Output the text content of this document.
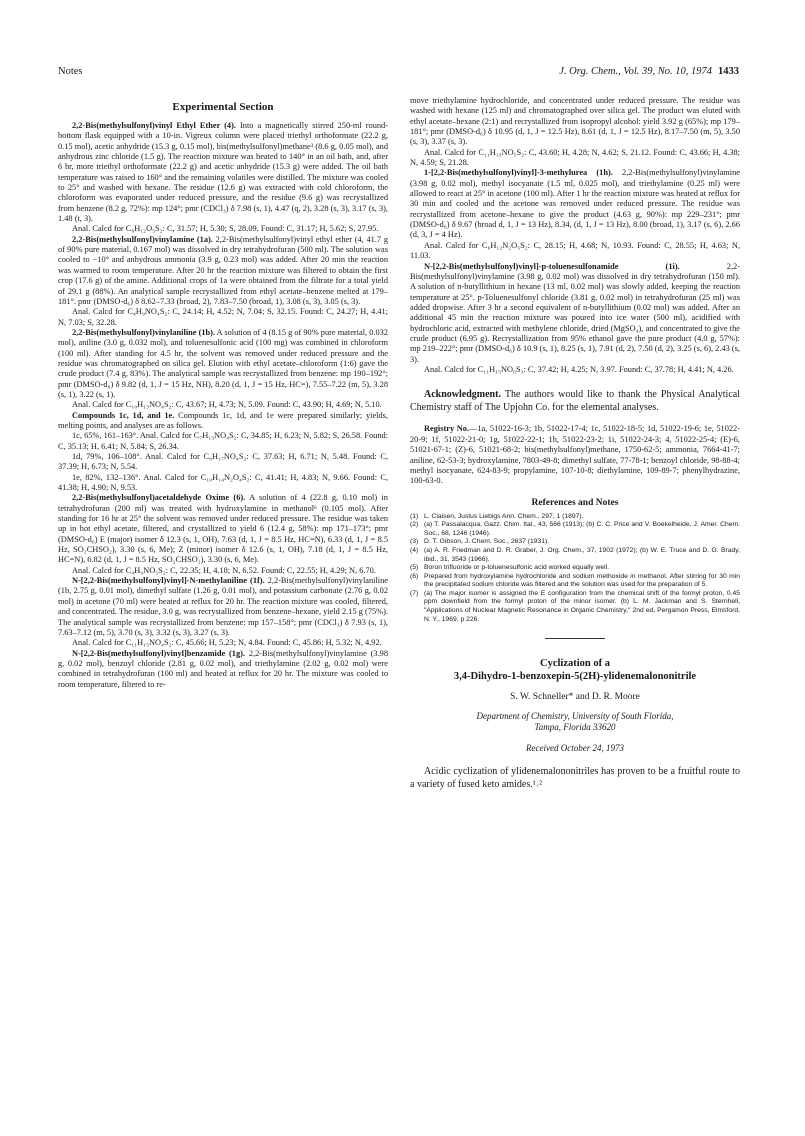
Notes	J. Org. Chem., Vol. 39, No. 10, 1974 1433
Experimental Section

2,2-Bis(methylsulfonyl)vinyl Ethyl Ether (4). Into a magnetically stirred 250-ml round-bottom flask equipped with a 10-in. Vigreux column were placed triethyl orthoformate (22.2 g, 0.15 mol), acetic anhydride (15.3 g, 0.15 mol), bis(methylsulfonyl)methane³ (8.6 g, 0.05 mol), and anhydrous zinc chloride (1.5 g). The reaction mixture was heated to 140° in an oil bath, and, after 6 hr, more triethyl orthoformate (22.2 g) and acetic anhydride (15.3 g) were added. The oil bath temperature was raised to 160° and the remaining volatiles were distilled. The mixture was cooled to 25° and washed with hexane. The residue (12.6 g) was extracted with cold chloroform, the chloroform was evaporated under reduced pressure, and the residue (9.6 g) was recrystallized from benzene (8.2 g, 72%): mp 124°; pmr (CDCl₃) δ 7.98 (s, 1), 4.47 (q, 2), 3.28 (s, 3), 3.17 (s, 3), 1.48 (t, 3).

Anal. Calcd for C₆H₁₂O₅S₂: C, 31.57; H, 5.30; S, 28.09. Found: C, 31.17; H, 5.62; S, 27.95.

2,2-Bis(methylsulfonyl)vinylamine (1a). 2,2-Bis(methylsulfonyl)vinyl ethyl ether (4, 41.7 g of 90% pure material, 0.167 mol) was dissolved in dry tetrahydrofuran (500 ml). The solution was cooled to −10° and anhydrous ammonia (3.9 g, 0.23 mol) was added. After 20 min the reaction was warmed to room temperature. After 20 hr the reaction mixture was filtered to obtain the first crop (17.6 g) of the amine. Additional crops of 1a were obtained from the filtrate for a total yield of 29.1 g (88%). An analytical sample recrystallized from ethyl acetate–benzene melted at 179–181°. pmr (DMSO-d₆) δ 8.62–7.33 (broad, 2), 7.83–7.50 (broad, 1), 3.08 (s, 3), 3.05 (s, 3).

Anal. Calcd for C₄H₉NO₄S₂: C, 24.14; H, 4.52; N, 7.04; S, 32.15. Found: C, 24.27; H, 4.41; N, 7.03; S, 32.28.

2,2-Bis(methylsulfonyl)vinylaniline (1b). A solution of 4 (8.15 g of 90% pure material, 0.032 mol), aniline (3.0 g, 0.032 mol), and toluenesulfonic acid (100 mg) was combined in chloroform (100 ml). After standing for 4.5 hr, the solvent was removed under reduced pressure and the residue was chromatographed on silica gel. Elution with ethyl acetate–chloroform (1:6) gave the crude product (7.4 g, 83%). The analytical sample was recrystallized from benzene: mp 190–192°; pmr (DMSO-d₆) δ 9.82 (d, 1, J = 15 Hz, NH), 8.20 (d, 1, J = 15 Hz, HC=), 7.55–7.22 (m, 5), 3.28 (s, 1), 3.22 (s, 1).

Anal. Calcd for C₁₀H₁₃NO₄S₂: C, 43.67; H, 4.73; N, 5.09. Found: C, 43.90; H, 4.69; N, 5.10.

Compounds 1c, 1d, and 1e. Compounds 1c, 1d, and 1e were prepared similarly; yields, melting points, and analyses are as follows.

1c, 65%, 161–163°. Anal. Calcd for C₇H₁₃NO₄S₂: C, 34.85; H, 6.23; N, 5.82; S, 26.58. Found: C, 35.13; H, 6.41; N, 5.84; S, 26.34.

1d, 79%, 106–108°. Anal. Calcd for C₈H₁₇NO₄S₂: C, 37.63; H, 6.71; N, 5.48. Found: C, 37.39; H, 6.73; N, 5.54.

1e, 82%, 132–136°. Anal. Calcd for C₁₀H₁₄N₂O₄S₂: C, 41.41; H, 4.83; N, 9.66. Found: C, 41.38; H, 4.90; N, 9.53.

2,2-Bis(methylsulfonyl)acetaldehyde Oxime (6). A solution of 4 (22.8 g, 0.10 mol) in tetrahydrofuran (200 ml) was treated with hydroxylamine in methanol⁶ (0.105 mol). After standing for 16 hr at 25° the solvent was removed under reduced pressure. The residue was taken up in hot ethyl acetate, filtered, and crystallized to yield 6 (12.4 g, 58%): mp 171–173°; pmr (DMSO-d₆) E (major) isomer δ 12.3 (s, 1, OH), 7.63 (d, 1, J = 8.5 Hz, HC=N), 6.33 (d, 1, J = 8.5 Hz, SO₂CHSO₂), 3.30 (s, 6, Me); Z (minor) isomer δ 12.6 (s, 1, OH), 7.18 (d, 1, J = 8.5 Hz, HC=N), 6.82 (d, 1, J = 8.5 Hz, SO₂CHSO₂), 3.30 (s, 6, Me).

Anal. Calcd for C₄H₉NO₅S₂: C, 22.35; H, 4.18; N, 6.52. Found: C, 22.55; H, 4.29; N, 6.70.

N-[2,2-Bis(methylsulfonyl)vinyl]-N-methylaniline (1f). 2,2-Bis(methylsulfonyl)vinylaniline (1b, 2.75 g, 0.01 mol), dimethyl sulfate (1.26 g, 0.01 mol), and potassium carbonate (2.76 g, 0.02 mol) in acetone (70 ml) were heated at reflux for 20 hr. The reaction mixture was cooled, filtered, and concentrated. The residue, 3.0 g, was recrystallized from benzene–hexane, yield 2.15 g (75%). The analytical sample was recrystallized from benzene: mp 157–158°; pmr (CDCl₃) δ 7.93 (s, 1), 7.63–7.12 (m, 5), 3.70 (s, 3), 3.32 (s, 3), 3.27 (s, 3).

Anal. Calcd for C₁₁H₁₅NO₄S₂: C, 45.66; H, 5.23; N, 4.84. Found: C, 45.86; H, 5.32; N, 4.92.

N-[2,2-Bis(methylsulfonyl)vinyl]benzamide (1g). 2,2-Bis(methylsulfonyl)vinylamine (3.98 g, 0.02 mol), benzoyl chloride (2.81 g, 0.02 mol), and triethylamine (2.02 g, 0.02 mol) were combined in tetrahydrofuran (100 ml) and heated at reflux for 20 hr. The mixture was cooled to room temperature, filtered to re-

move triethylamine hydrochloride, and concentrated under reduced pressure. The residue was washed with hexane (125 ml) and chromatographed over silica gel. The product was eluted with ethyl acetate–hexane (2:1) and recrystallized from isopropyl alcohol: yield 3.92 g (65%); mp 179–181°; pmr (DMSO-d₆) δ 10.95 (d, 1, J = 12.5 Hz), 8.61 (d, 1, J = 12.5 Hz), 8.17–7.50 (m, 5), 3.50 (s, 3), 3.37 (s, 3).

Anal. Calcd for C₁₁H₁₃NO₅S₂: C, 43.60; H, 4.28; N, 4.62; S, 21.12. Found: C, 43.66; H, 4.38; N, 4.59; S, 21.28.

1-[2,2-Bis(methylsulfonyl)vinyl]-3-methylurea (1h). 2,2-Bis(methylsulfonyl)vinylamine (3.98 g, 0.02 mol), methyl isocyanate (1.5 ml, 0.025 mol), and triethylamine (0.25 ml) were allowed to react at 25° in acetone (100 ml). After 1 hr the reaction mixture was heated at reflux for 30 min and cooled and the acetone was removed under reduced pressure. The residue was recrystallized from acetone–hexane to give the product (4.63 g, 90%): mp 229–231°; pmr (DMSO-d₆) δ 9.67 (broad d, 1, J = 13 Hz), 8.34, (d, 1, J = 13 Hz), 8.00 (broad, 1), 3.17 (s, 6), 2.66 (d, 3, J = 4 Hz).

Anal. Calcd for C₆H₁₂N₂O₅S₂: C, 28.15; H, 4.68; N, 10.93. Found: C, 28.55; H, 4.63; N, 11.03.

N-[2,2-Bis(methylsulfonyl)vinyl]-p-toluenesulfonamide (1i).	2,2-Bis(methylsulfonyl)vinylamine (3.98 g, 0.02 mol) was dissolved in dry tetrahydrofuran (150 ml). A solution of n-butyllithium in hexane (13 ml, 0.02 mol) was slowly added, keeping the reaction temperature at 25°. p-Toluenesulfonyl chloride (3.81 g, 0.02 mol) in tetrahydrofuran (25 ml) was added dropwise. After 3 hr a second equivalent of n-butyllithium (0.02 mol) was added. After an additional 45 min the reaction mixture was poured into ice water (500 ml), acidified with hydrochloric acid, extracted with methylene chloride, dried (MgSO₄), and concentrated to give the crude product (6.95 g). Recrystallization from 95% ethanol gave the pure product (4.0 g, 57%): mp 219–222°; pmr (DMSO-d₆) δ 10.9 (s, 1), 8.25 (s, 1), 7.91 (d, 2), 7.50 (d, 2), 3.25 (s, 6), 2.43 (s, 3).

Anal. Calcd for C₁₁H₁₅NO₆S₃: C, 37.42; H, 4.25; N, 3.97. Found: C, 37.78; H, 4.41; N, 4.26.

Acknowledgment. The authors would like to thank the Physical Analytical Chemistry staff of The Upjohn Co. for the elemental analyses.

Registry No.—1a, 51022-16-3; 1b, 51022-17-4; 1c, 51022-18-5; 1d, 51022-19-6; 1e, 51022-20-9; 1f, 51022-21-0; 1g, 51022-22-1; 1h, 51022-23-2; 1i, 51022-24-3; 4, 51022-25-4; (E)-6, 51021-67-1; (Z)-6, 51021-68-2; bis(methylsulfonyl)methane, 1750-62-5; ammonia, 7664-41-7; aniline, 62-53-3; hydroxylamine, 7803-49-8; dimethyl sulfate, 77-78-1; benzoyl chloride, 98-88-4; methyl isocyanate, 624-83-9; propylamine, 107-10-8; diethylamine, 109-89-7; phenylhydrazine, 100-63-0.

References and Notes
(1) L. Claisen, Justus Liebigs Ann. Chem., 297, 1 (1897).
(2) (a) T. Passalacqua, Gazz. Chim. Ital., 43, 566 (1913); (b) C. C. Price and V. Boekelheide, J. Amer. Chem. Soc., 68, 1246 (1946).
(3) D. T. Gibson, J. Chem. Soc., 2637 (1931).
(4) (a) A. R. Friedman and D. R. Graber, J. Org. Chem., 37, 1902 (1972); (b) W. E. Truce and D. G. Brady, ibid., 31, 3543 (1966).
(5) Boron trifluoride or p-toluenesulfonic acid worked equally well.
(6) Prepared from hydroxylamine hydrochloride and sodium methoxide in methanol. After stirring for 30 min the precipitated sodium chloride was filtered and the solution was used for the preparation of 5.
(7) (a) The major isomer is assigned the E configuration from the chemical shift of the formyl proton, 0.45 ppm downfield from the formyl proton of the minor isomer. (b) L. M. Jackman and S. Sternhell, "Applications of Nuclear Magnetic Resonance in Organic Chemistry," 2nd ed, Pergamon Press, Elmsford, N. Y., 1969, p 226.
Cyclization of a
3,4-Dihydro-1-benzoxepin-5(2H)-ylidenemalononitrile
S. W. Schneller* and D. R. Moore
Department of Chemistry, University of South Florida,
Tampa, Florida 33620
Received October 24, 1973

Acidic cyclization of ylidenemalononitriles has proven to be a fruitful route to a variety of fused keto amides.¹˒²
